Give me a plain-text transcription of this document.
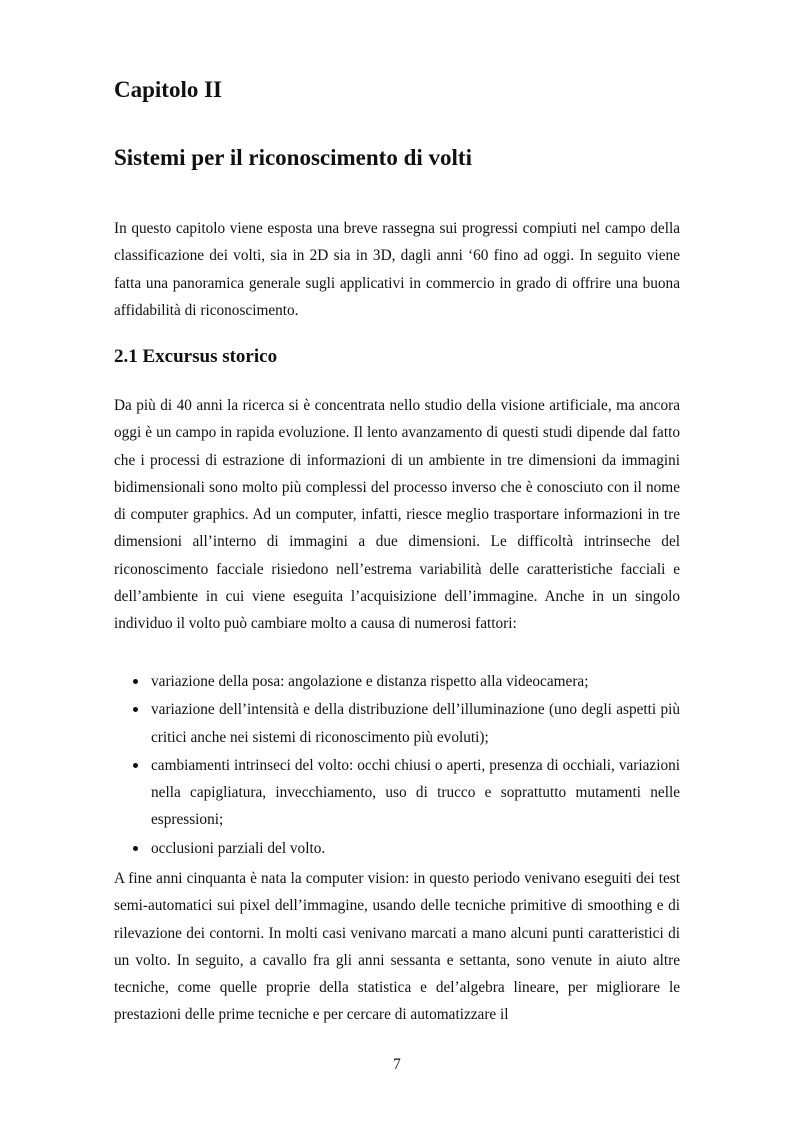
Capitolo II
Sistemi per il riconoscimento di volti

In questo capitolo viene esposta una breve rassegna sui progressi compiuti nel campo della classificazione dei volti, sia in 2D sia in 3D, dagli anni ‘60 fino ad oggi. In seguito viene fatta una panoramica generale sugli applicativi in commercio in grado di offrire una buona affidabilità di riconoscimento.

2.1 Excursus storico

Da più di 40 anni la ricerca si è concentrata nello studio della visione artificiale, ma ancora oggi è un campo in rapida evoluzione. Il lento avanzamento di questi studi dipende dal fatto che i processi di estrazione di informazioni di un ambiente in tre dimensioni da immagini bidimensionali sono molto più complessi del processo inverso che è conosciuto con il nome di computer graphics. Ad un computer, infatti, riesce meglio trasportare informazioni in tre dimensioni all’interno di immagini a due dimensioni. Le difficoltà intrinseche del riconoscimento facciale risiedono nell’estrema variabilità delle caratteristiche facciali e dell’ambiente in cui viene eseguita l’acquisizione dell’immagine. Anche in un singolo individuo il volto può cambiare molto a causa di numerosi fattori:

variazione della posa: angolazione e distanza rispetto alla videocamera;
variazione dell’intensità e della distribuzione dell’illuminazione (uno degli aspetti più critici anche nei sistemi di riconoscimento più evoluti);
cambiamenti intrinseci del volto: occhi chiusi o aperti, presenza di occhiali, variazioni nella capigliatura, invecchiamento, uso di trucco e soprattutto mutamenti nelle espressioni;
occlusioni parziali del volto.

A fine anni cinquanta è nata la computer vision: in questo periodo venivano eseguiti dei test semi-automatici sui pixel dell’immagine, usando delle tecniche primitive di smoothing e di rilevazione dei contorni. In molti casi venivano marcati a mano alcuni punti caratteristici di un volto. In seguito, a cavallo fra gli anni sessanta e settanta, sono venute in aiuto altre tecniche, come quelle proprie della statistica e del’algebra lineare, per migliorare le prestazioni delle prime tecniche e per cercare di automatizzare il

7
